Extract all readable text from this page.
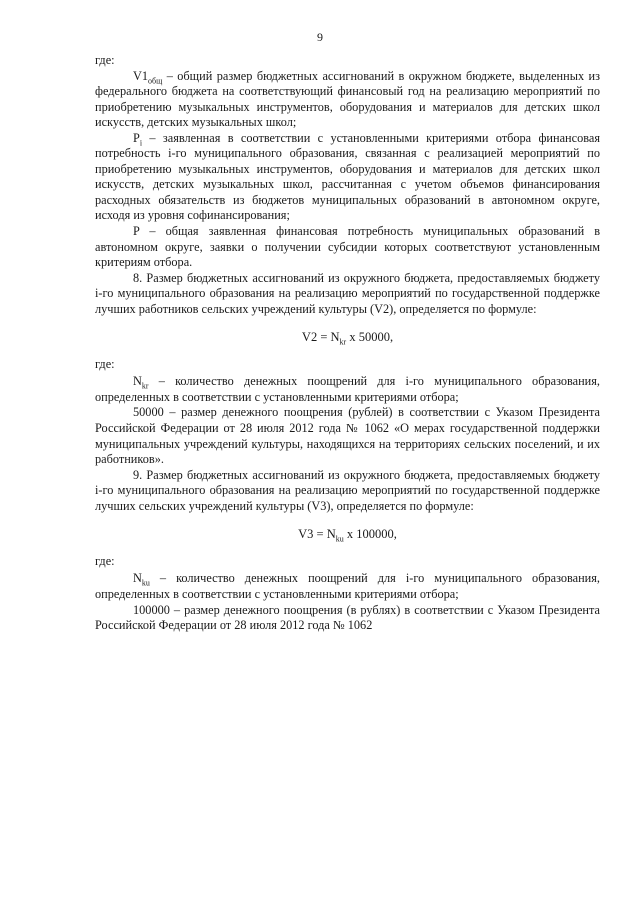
9

где:

$V1_{общ}$ – общий размер бюджетных ассигнований в окружном бюджете, выделенных из федерального бюджета на соответствующий финансовый год на реализацию мероприятий по приобретению музыкальных инструментов, оборудования и материалов для детских школ искусств, детских музыкальных школ;

$P_i$ – заявленная в соответствии с установленными критериями отбора финансовая потребность i-го муниципального образования, связанная с реализацией мероприятий по приобретению музыкальных инструментов, оборудования и материалов для детских школ искусств, детских музыкальных школ, рассчитанная с учетом объемов финансирования расходных обязательств из бюджетов муниципальных образований в автономном округе, исходя из уровня софинансирования;

P – общая заявленная финансовая потребность муниципальных образований в автономном округе, заявки о получении субсидии которых соответствуют установленным критериям отбора.

8. Размер бюджетных ассигнований из окружного бюджета, предоставляемых бюджету i-го муниципального образования на реализацию мероприятий по государственной поддержке лучших работников сельских учреждений культуры (V2), определяется по формуле:

$V2 = N_{kr}$ x 50000,

где:

$N_{kr}$ – количество денежных поощрений для i-го муниципального образования, определенных в соответствии с установленными критериями отбора;

50000 – размер денежного поощрения (рублей) в соответствии с Указом Президента Российской Федерации от 28 июля 2012 года № 1062 «О мерах государственной поддержки муниципальных учреждений культуры, находящихся на территориях сельских поселений, и их работников».

9. Размер бюджетных ассигнований из окружного бюджета, предоставляемых бюджету i-го муниципального образования на реализацию мероприятий по государственной поддержке лучших сельских учреждений культуры (V3), определяется по формуле:

$V3 = N_{ku}$ x 100000,

где:

$N_{ku}$ – количество денежных поощрений для i-го муниципального образования, определенных в соответствии с установленными критериями отбора;

100000 – размер денежного поощрения (в рублях) в соответствии с Указом Президента Российской Федерации от 28 июля 2012 года № 1062
